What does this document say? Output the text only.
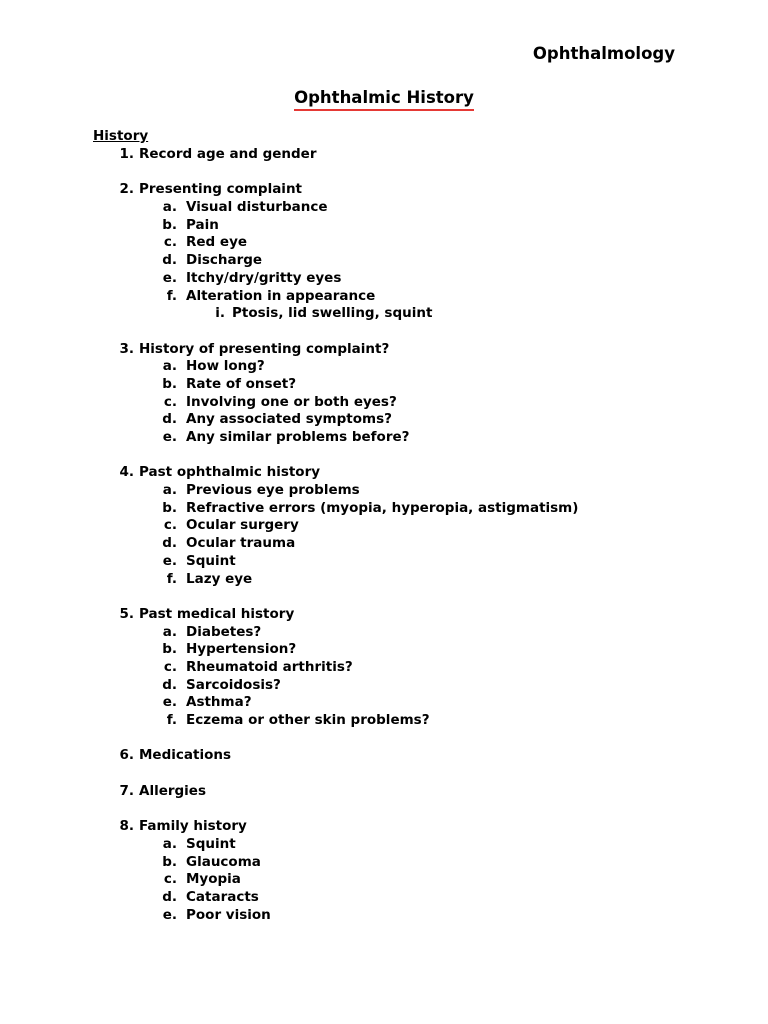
Ophthalmology
Ophthalmic History
History
1. Record age and gender
2. Presenting complaint
a. Visual disturbance
b. Pain
c. Red eye
d. Discharge
e. Itchy/dry/gritty eyes
f. Alteration in appearance
i. Ptosis, lid swelling, squint
3. History of presenting complaint?
a. How long?
b. Rate of onset?
c. Involving one or both eyes?
d. Any associated symptoms?
e. Any similar problems before?
4. Past ophthalmic history
a. Previous eye problems
b. Refractive errors (myopia, hyperopia, astigmatism)
c. Ocular surgery
d. Ocular trauma
e. Squint
f. Lazy eye
5. Past medical history
a. Diabetes?
b. Hypertension?
c. Rheumatoid arthritis?
d. Sarcoidosis?
e. Asthma?
f. Eczema or other skin problems?
6. Medications
7. Allergies
8. Family history
a. Squint
b. Glaucoma
c. Myopia
d. Cataracts
e. Poor vision
